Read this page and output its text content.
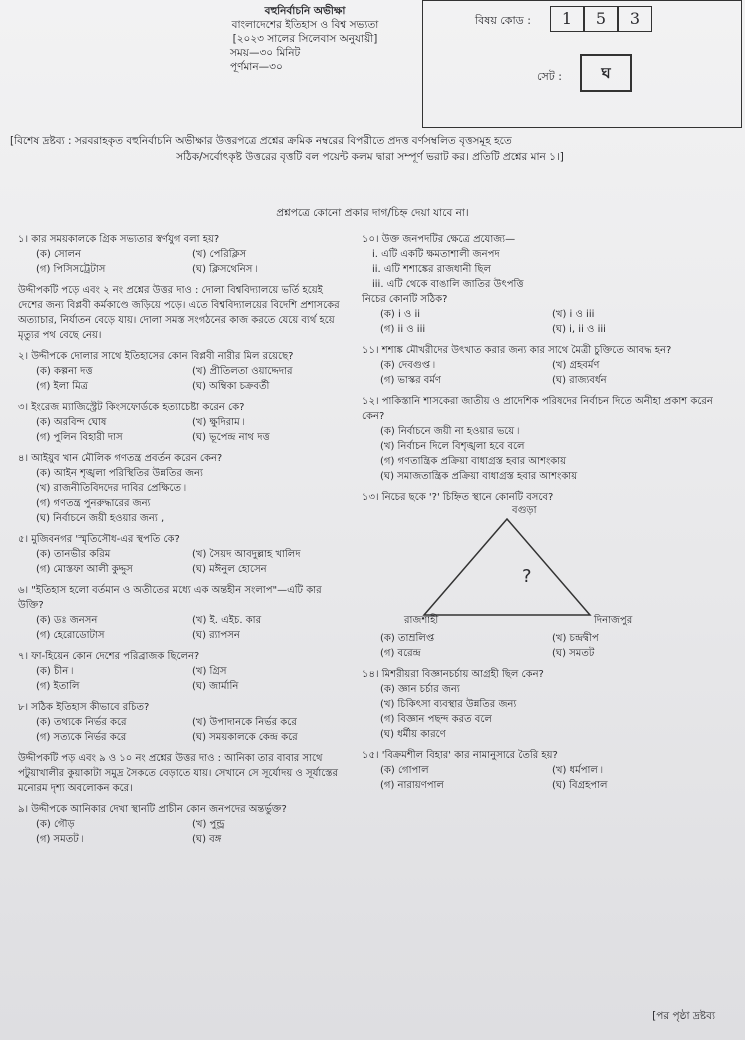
বহুনির্বাচনি অভীক্ষা
বাংলাদেশের ইতিহাস ও বিশ্ব সভ্যতা
[২০২৩ সালের সিলেবাস অনুযায়ী]
সময়—৩০ মিনিট
পূর্ণমান—৩০
বিষয় কোড :	1	5	3
সেট :	ঘ
[বিশেষ দ্রষ্টব্য : সরবরাহকৃত বহুনির্বাচনি অভীক্ষার উত্তরপত্রে প্রশ্নের ক্রমিক নম্বরের বিপরীতে প্রদত্ত বর্ণসম্বলিত বৃত্তসমূহ হতে
সঠিক/সর্বোৎকৃষ্ট উত্তরের বৃত্তটি বল পয়েন্ট কলম দ্বারা সম্পূর্ণ ভরাট কর। প্রতিটি প্রশ্নের মান ১।]
প্রশ্নপত্রে কোনো প্রকার দাগ/চিহ্ন দেয়া যাবে না।
১। কার সময়কালকে গ্রিক সভ্যতার স্বর্ণযুগ বলা হয়?
(ক) সোলন	(খ) পেরিক্লিস
(গ) পিসিসট্রেটাস	(ঘ) ক্লিসথেনিস ৷
উদ্দীপকটি পড়ে এবং ২ নং প্রশ্নের উত্তর দাও : দোলা বিশ্ববিদ্যালয়ে ভর্তি হয়েই দেশের জন্য বিপ্লবী কর্মকাণ্ডে জড়িয়ে পড়ে। এতে বিশ্ববিদ্যালয়ের বিদেশি প্রশাসকের অত্যাচার, নির্যাতন বেড়ে যায়। দোলা সমস্ত সংগঠনের কাজ করতে যেয়ে ব্যর্থ হয়ে মৃত্যুর পথ বেছে নেয়।
২। উদ্দীপকে দোলার সাথে ইতিহাসের কোন বিপ্লবী নারীর মিল রয়েছে?
(ক) কল্পনা দত্ত	(খ) প্রীতিলতা ওয়াদ্দেদার
(গ) ইলা মিত্র	(ঘ) অম্বিকা চক্রবর্তী
৩। ইংরেজ ম্যাজিস্ট্রেট কিংসফোর্ডকে হত্যাচেষ্টা করেন কে?
(ক) অরবিন্দ ঘোষ	(খ) ক্ষুদিরাম ৷
(গ) পুলিন বিহারী দাস	(ঘ) ভূপেন্দ্র নাথ দত্ত
৪। আইয়ুব খান মৌলিক গণতন্ত্র প্রবর্তন করেন কেন?
(ক) আইন শৃঙ্খলা পরিস্থিতির উন্নতির জন্য
(খ) রাজনীতিবিদদের দাবির প্রেক্ষিতে ৷
(গ) গণতন্ত্র পুনরুদ্ধারের জন্য
(ঘ) নির্বাচনে জয়ী হওয়ার জন্য ,
৫। মুজিবনগর 'স্মৃতিসৌধ-এর স্থপতি কে?
(ক) তানভীর করিম	(খ) সৈয়দ আবদুল্লাহ খালিদ
(গ) মোস্তফা আলী কুদ্দুস	(ঘ) মঈনুল হোসেন
৬। "ইতিহাস হলো বর্তমান ও অতীতের মধ্যে এক অন্তহীন সংলাপ"—এটি কার উক্তি?
(ক) ডঃ জনসন	(খ) ই. এইচ. কার
(গ) হেরোডোটাস	(ঘ) র‍্যাপসন
৭। ফা-হিয়েন কোন দেশের পরিব্রাজক ছিলেন?
(ক) চীন ৷	(খ) গ্রিস
(গ) ইতালি	(ঘ) জার্মানি
৮। সঠিক ইতিহাস কীভাবে রচিত?
(ক) তথ্যকে নির্ভর করে	(খ) উপাদানকে নির্ভর করে
(গ) সত্যকে নির্ভর করে	(ঘ) সময়কালকে কেন্দ্র করে
উদ্দীপকটি পড় এবং ৯ ও ১০ নং প্রশ্নের উত্তর দাও : আনিকা তার বাবার সাথে পটুয়াখালীর কুয়াকাটা সমুদ্র সৈকতে বেড়াতে যায়। সেখানে সে সূর্যোদয় ও সূর্যাস্তের মনোরম দৃশ্য অবলোকন করে।
৯। উদ্দীপকে আনিকার দেখা স্থানটি প্রাচীন কোন জনপদের অন্তর্ভুক্ত?
(ক) গৌড়	(খ) পুন্ড্র
(গ) সমতট ৷	(ঘ) বঙ্গ
১০। উক্ত জনপদটির ক্ষেত্রে প্রযোজ্য—
i. এটি একটি ক্ষমতাশালী জনপদ
ii. এটি শশাঙ্কের রাজধানী ছিল
iii. এটি থেকে বাঙালি জাতির উৎপত্তি
নিচের কোনটি সঠিক?
(ক) i ও ii	(খ) i ও iii
(গ) ii ও iii	(ঘ) i, ii ও iii
১১। শশাঙ্ক মৌখরীদের উৎখাত করার জন্য কার সাথে মৈত্রী চুক্তিতে আবদ্ধ হন?
(ক) দেবগুপ্ত ৷	(খ) গ্রহবর্মণ
(গ) ভাস্কর বর্মণ	(ঘ) রাজ্যবর্ধন
১২। পাকিস্তানি শাসকেরা জাতীয় ও প্রাদেশিক পরিষদের নির্বাচন দিতে অনীহা প্রকাশ করেন কেন?
(ক) নির্বাচনে জয়ী না হওয়ার ভয়ে ৷
(খ) নির্বাচন দিলে বিশৃঙ্খলা হবে বলে
(গ) গণতান্ত্রিক প্রক্রিয়া বাধাগ্রস্ত হবার আশংকায়
(ঘ) সমাজতান্ত্রিক প্রক্রিয়া বাধাগ্রস্ত হবার আশংকায়
১৩। নিচের ছকে '?' চিহ্নিত স্থানে কোনটি বসবে?
বগুড়া
রাজশাহী	দিনাজপুর
?
(ক) তাম্রলিপ্ত	(খ) চন্দ্রদ্বীপ
(গ) বরেন্দ্র	(ঘ) সমতট
১৪। মিশরীয়রা বিজ্ঞানচর্চায় আগ্রহী ছিল কেন?
(ক) জ্ঞান চর্চার জন্য
(খ) চিকিৎসা ব্যবস্থার উন্নতির জন্য
(গ) বিজ্ঞান পছন্দ করত বলে
(ঘ) ধর্মীয় কারণে
১৫। 'বিক্রমশীল বিহার' কার নামানুসারে তৈরি হয়?
(ক) গোপাল	(খ) ধর্মপাল ৷
(গ) নারায়ণপাল	(ঘ) বিগ্রহপাল
[পর পৃষ্ঠা দ্রষ্টব্য
